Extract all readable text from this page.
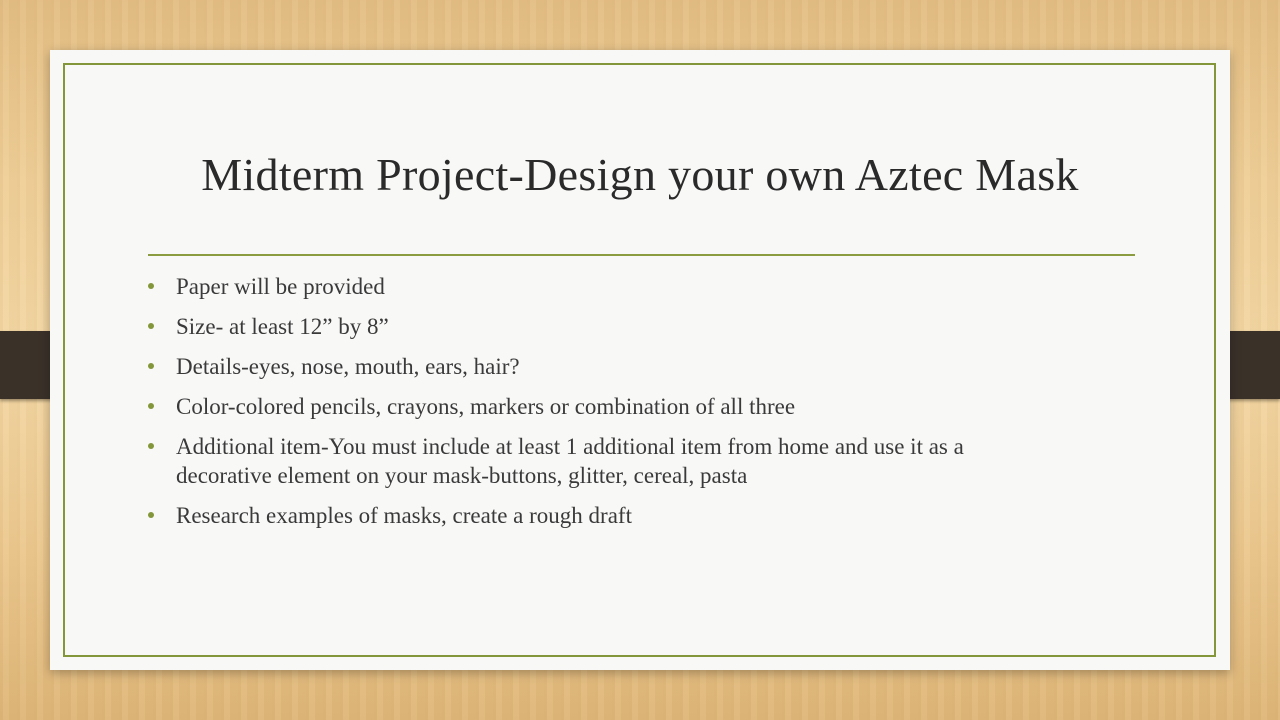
Midterm Project-Design your own Aztec Mask
Paper will be provided
Size- at least 12” by 8”
Details-eyes, nose, mouth, ears, hair?
Color-colored pencils, crayons, markers or combination of all three
Additional item-You must include at least 1 additional item from home and use it as a decorative element on your mask-buttons, glitter, cereal, pasta
Research examples of masks, create a rough draft
